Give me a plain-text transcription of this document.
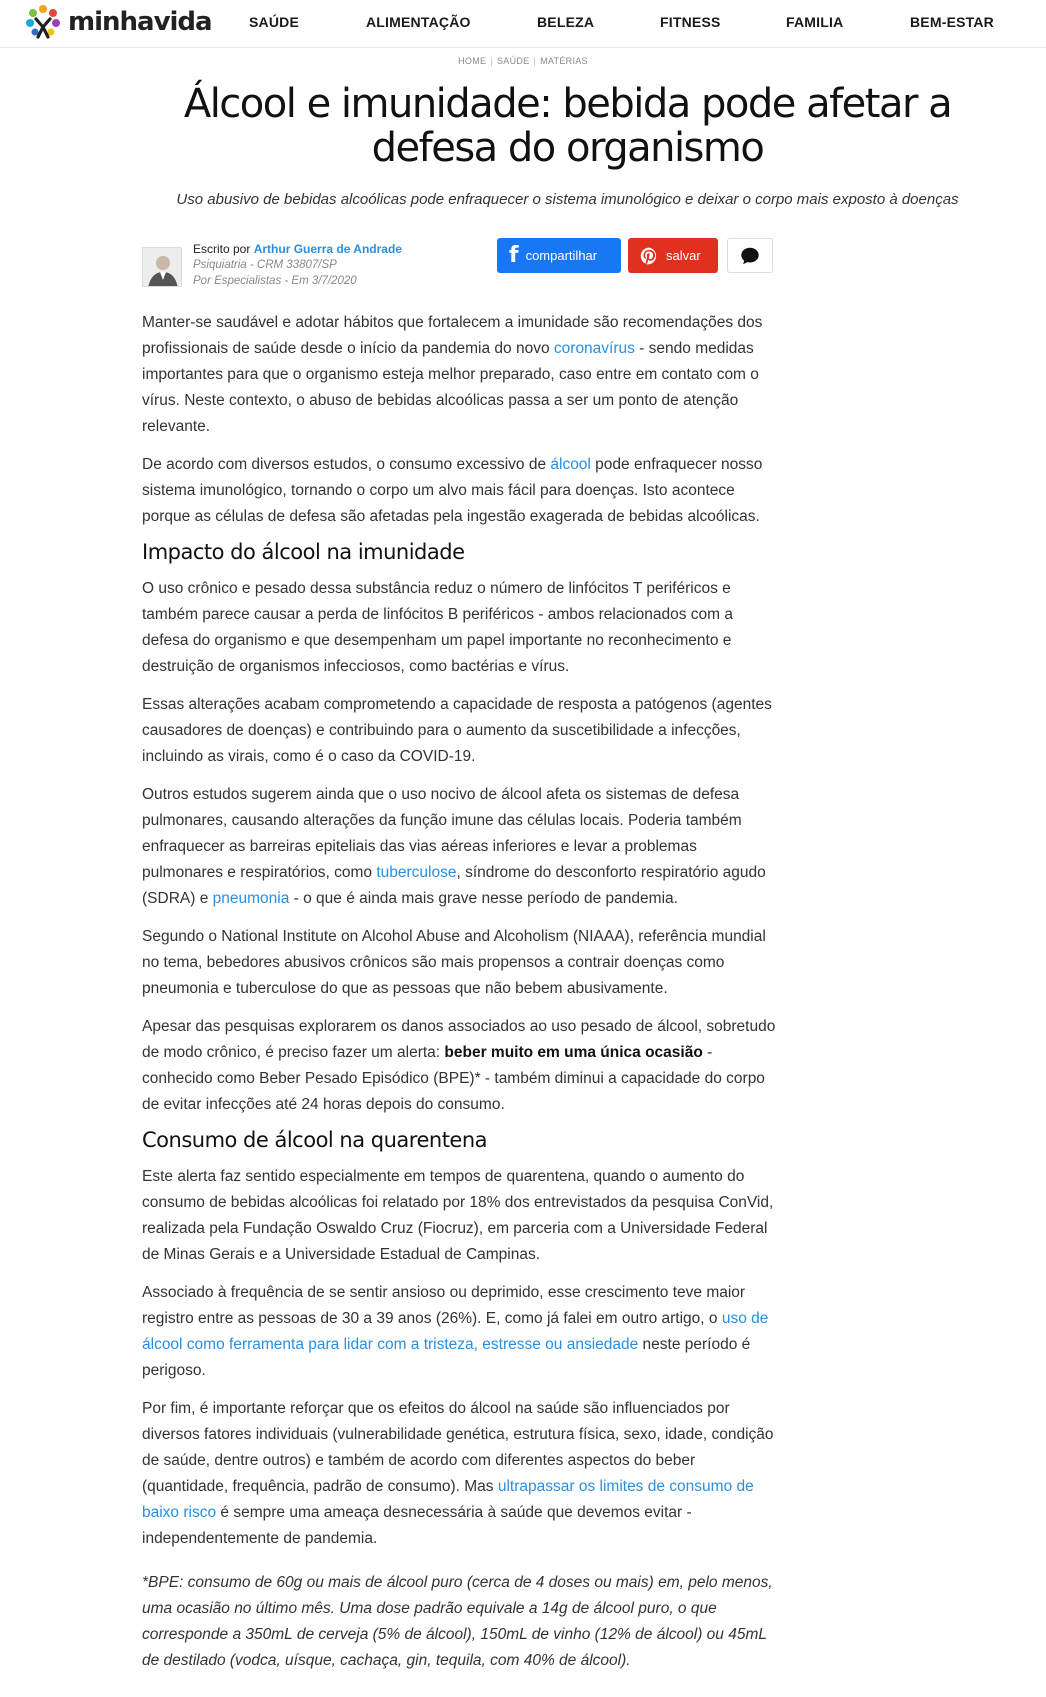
minhavida	SAÚDE	ALIMENTAÇÃO	BELEZA	FITNESS	FAMILIA	BEM-ESTAR
HOME | SAÚDE | MATÉRIAS
Álcool e imunidade: bebida pode afetar a defesa do organismo

Uso abusivo de bebidas alcoólicas pode enfraquecer o sistema imunológico e deixar o corpo mais exposto à doenças

Escrito por Arthur Guerra de Andrade
Psiquiatria - CRM 33807/SP
Por Especialistas - Em 3/7/2020
f compartilhar	salvar

Manter-se saudável e adotar hábitos que fortalecem a imunidade são recomendações dos profissionais de saúde desde o início da pandemia do novo coronavírus - sendo medidas importantes para que o organismo esteja melhor preparado, caso entre em contato com o vírus. Neste contexto, o abuso de bebidas alcoólicas passa a ser um ponto de atenção relevante.

De acordo com diversos estudos, o consumo excessivo de álcool pode enfraquecer nosso sistema imunológico, tornando o corpo um alvo mais fácil para doenças. Isto acontece porque as células de defesa são afetadas pela ingestão exagerada de bebidas alcoólicas.

Impacto do álcool na imunidade

O uso crônico e pesado dessa substância reduz o número de linfócitos T periféricos e também parece causar a perda de linfócitos B periféricos - ambos relacionados com a defesa do organismo e que desempenham um papel importante no reconhecimento e destruição de organismos infecciosos, como bactérias e vírus.

Essas alterações acabam comprometendo a capacidade de resposta a patógenos (agentes causadores de doenças) e contribuindo para o aumento da suscetibilidade a infecções, incluindo as virais, como é o caso da COVID-19.

Outros estudos sugerem ainda que o uso nocivo de álcool afeta os sistemas de defesa pulmonares, causando alterações da função imune das células locais. Poderia também enfraquecer as barreiras epiteliais das vias aéreas inferiores e levar a problemas pulmonares e respiratórios, como tuberculose, síndrome do desconforto respiratório agudo (SDRA) e pneumonia - o que é ainda mais grave nesse período de pandemia.

Segundo o National Institute on Alcohol Abuse and Alcoholism (NIAAA), referência mundial no tema, bebedores abusivos crônicos são mais propensos a contrair doenças como pneumonia e tuberculose do que as pessoas que não bebem abusivamente.

Apesar das pesquisas explorarem os danos associados ao uso pesado de álcool, sobretudo de modo crônico, é preciso fazer um alerta: beber muito em uma única ocasião - conhecido como Beber Pesado Episódico (BPE)* - também diminui a capacidade do corpo de evitar infecções até 24 horas depois do consumo.

Consumo de álcool na quarentena

Este alerta faz sentido especialmente em tempos de quarentena, quando o aumento do consumo de bebidas alcoólicas foi relatado por 18% dos entrevistados da pesquisa ConVid, realizada pela Fundação Oswaldo Cruz (Fiocruz), em parceria com a Universidade Federal de Minas Gerais e a Universidade Estadual de Campinas.

Associado à frequência de se sentir ansioso ou deprimido, esse crescimento teve maior registro entre as pessoas de 30 a 39 anos (26%). E, como já falei em outro artigo, o uso de álcool como ferramenta para lidar com a tristeza, estresse ou ansiedade neste período é perigoso.

Por fim, é importante reforçar que os efeitos do álcool na saúde são influenciados por diversos fatores individuais (vulnerabilidade genética, estrutura física, sexo, idade, condição de saúde, dentre outros) e também de acordo com diferentes aspectos do beber (quantidade, frequência, padrão de consumo). Mas ultrapassar os limites de consumo de baixo risco é sempre uma ameaça desnecessária à saúde que devemos evitar - independentemente de pandemia.

*BPE: consumo de 60g ou mais de álcool puro (cerca de 4 doses ou mais) em, pelo menos, uma ocasião no último mês. Uma dose padrão equivale a 14g de álcool puro, o que corresponde a 350mL de cerveja (5% de álcool), 150mL de vinho (12% de álcool) ou 45mL de destilado (vodca, uísque, cachaça, gin, tequila, com 40% de álcool).
